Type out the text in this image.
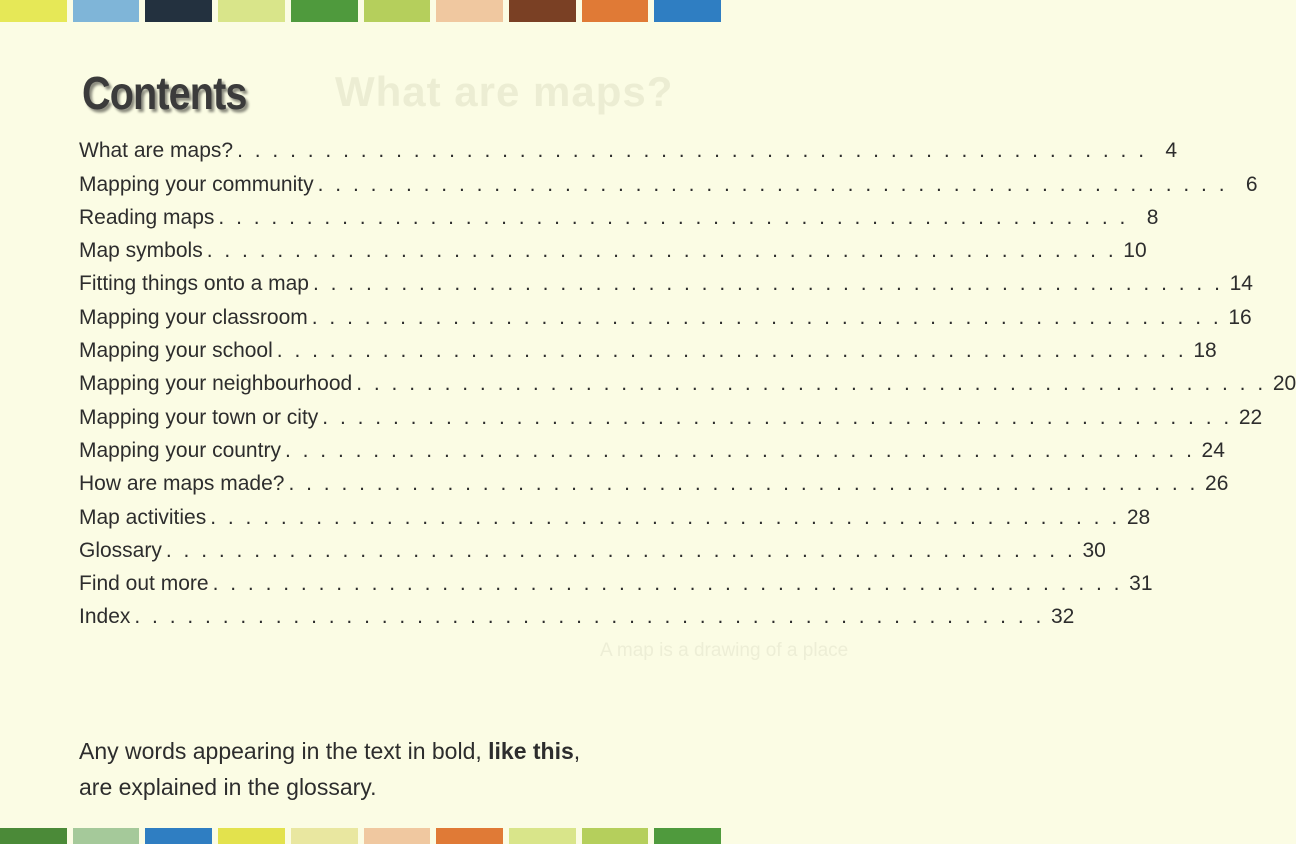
What are maps?
A map is a drawing of a place
Contents
What are maps? . . .	4
Mapping your community . . .	6
Reading maps . . .	8
Map symbols . . .	10
Fitting things onto a map . . .	14
Mapping your classroom . . .	16
Mapping your school . . .	18
Mapping your neighbourhood . . .	20
Mapping your town or city . . .	22
Mapping your country . . .	24
How are maps made? . . .	26
Map activities . . .	28
Glossary . . .	30
Find out more . . .	31
Index . . .	32

Any words appearing in the text in bold, like this,
are explained in the glossary.
